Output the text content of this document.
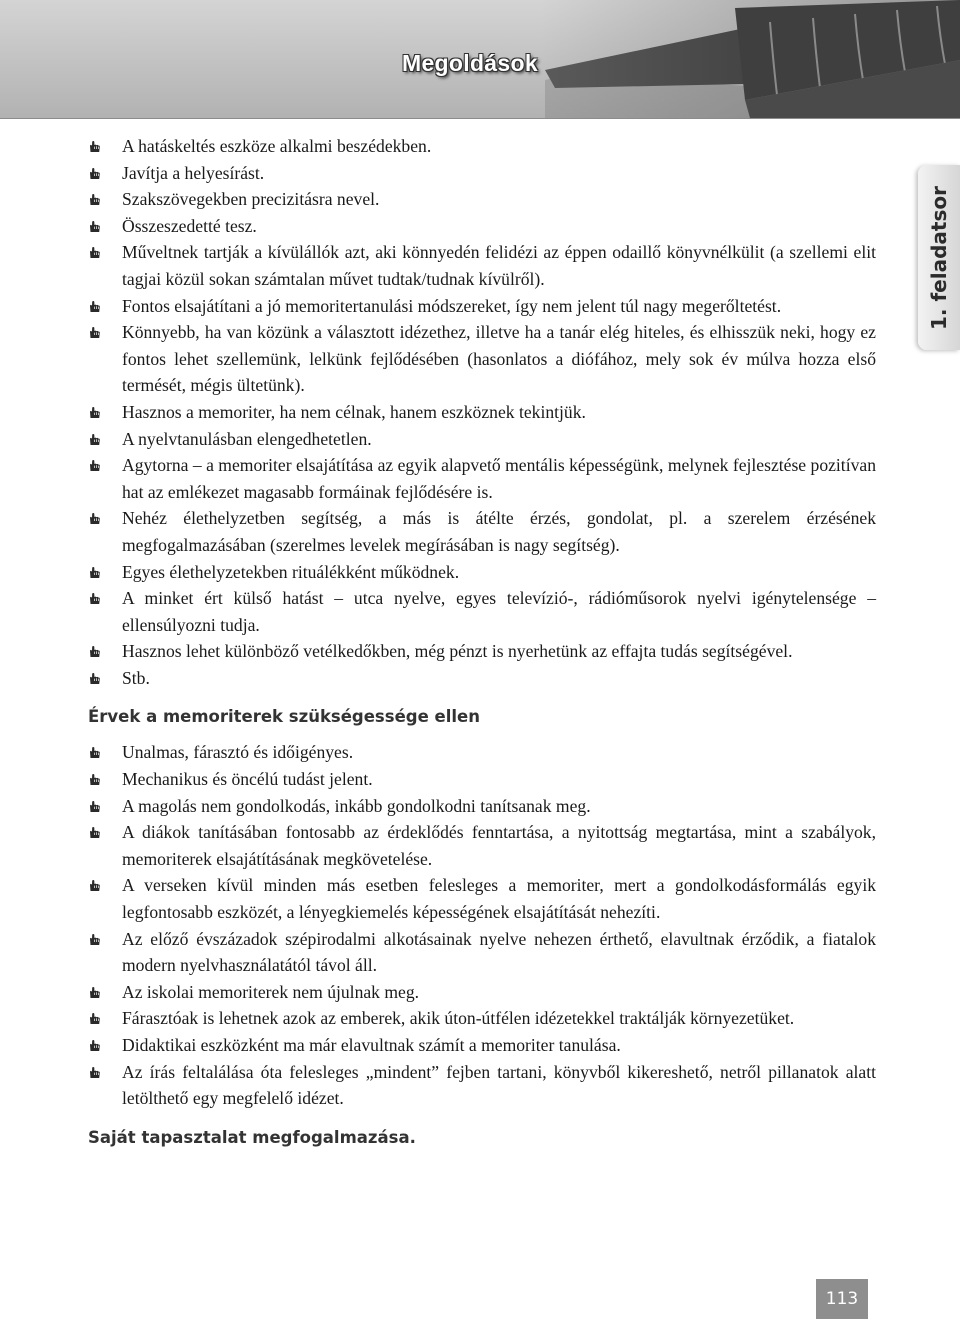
Megoldások
1. feladatsor
A hatáskeltés eszköze alkalmi beszédekben.
Javítja a helyesírást.
Szakszövegekben precizitásra nevel.
Összeszedetté tesz.
Műveltnek tartják a kívülállók azt, aki könnyedén felidézi az éppen odaillő könyvnélkülit (a szellemi elit tagjai közül sokan számtalan művet tudtak/tudnak kívülről).
Fontos elsajátítani a jó memoritertanulási módszereket, így nem jelent túl nagy megerőltetést.
Könnyebb, ha van közünk a választott idézethez, illetve ha a tanár elég hiteles, és elhisszük neki, hogy ez fontos lehet szellemünk, lelkünk fejlődésében (hasonlatos a diófához, mely sok év múlva hozza első termését, mégis ültetünk).
Hasznos a memoriter, ha nem célnak, hanem eszköznek tekintjük.
A nyelvtanulásban elengedhetetlen.
Agytorna – a memoriter elsajátítása az egyik alapvető mentális képességünk, melynek fejlesztése pozitívan hat az emlékezet magasabb formáinak fejlődésére is.
Nehéz élethelyzetben segítség, a más is átélte érzés, gondolat, pl. a szerelem érzésének megfogalmazásában (szerelmes levelek megírásában is nagy segítség).
Egyes élethelyzetekben rituálékként működnek.
A minket ért külső hatást – utca nyelve, egyes televízió-, rádióműsorok nyelvi igénytelensége – ellensúlyozni tudja.
Hasznos lehet különböző vetélkedőkben, még pénzt is nyerhetünk az effajta tudás segítségével.
Stb.
Érvek a memoriterek szükségessége ellen
Unalmas, fárasztó és időigényes.
Mechanikus és öncélú tudást jelent.
A magolás nem gondolkodás, inkább gondolkodni tanítsanak meg.
A diákok tanításában fontosabb az érdeklődés fenntartása, a nyitottság megtartása, mint a szabályok, memoriterek elsajátításának megkövetelése.
A verseken kívül minden más esetben felesleges a memoriter, mert a gondolkodásformálás egyik legfontosabb eszközét, a lényegkiemelés képességének elsajátítását nehezíti.
Az előző évszázadok szépirodalmi alkotásainak nyelve nehezen érthető, elavultnak érződik, a fiatalok modern nyelvhasználatától távol áll.
Az iskolai memoriterek nem újulnak meg.
Fárasztóak is lehetnek azok az emberek, akik úton-útfélen idézetekkel traktálják környezetüket.
Didaktikai eszközként ma már elavultnak számít a memoriter tanulása.
Az írás feltalálása óta felesleges „mindent” fejben tartani, könyvből kikereshető, netről pillanatok alatt letölthető egy megfelelő idézet.
Saját tapasztalat megfogalmazása.
113
